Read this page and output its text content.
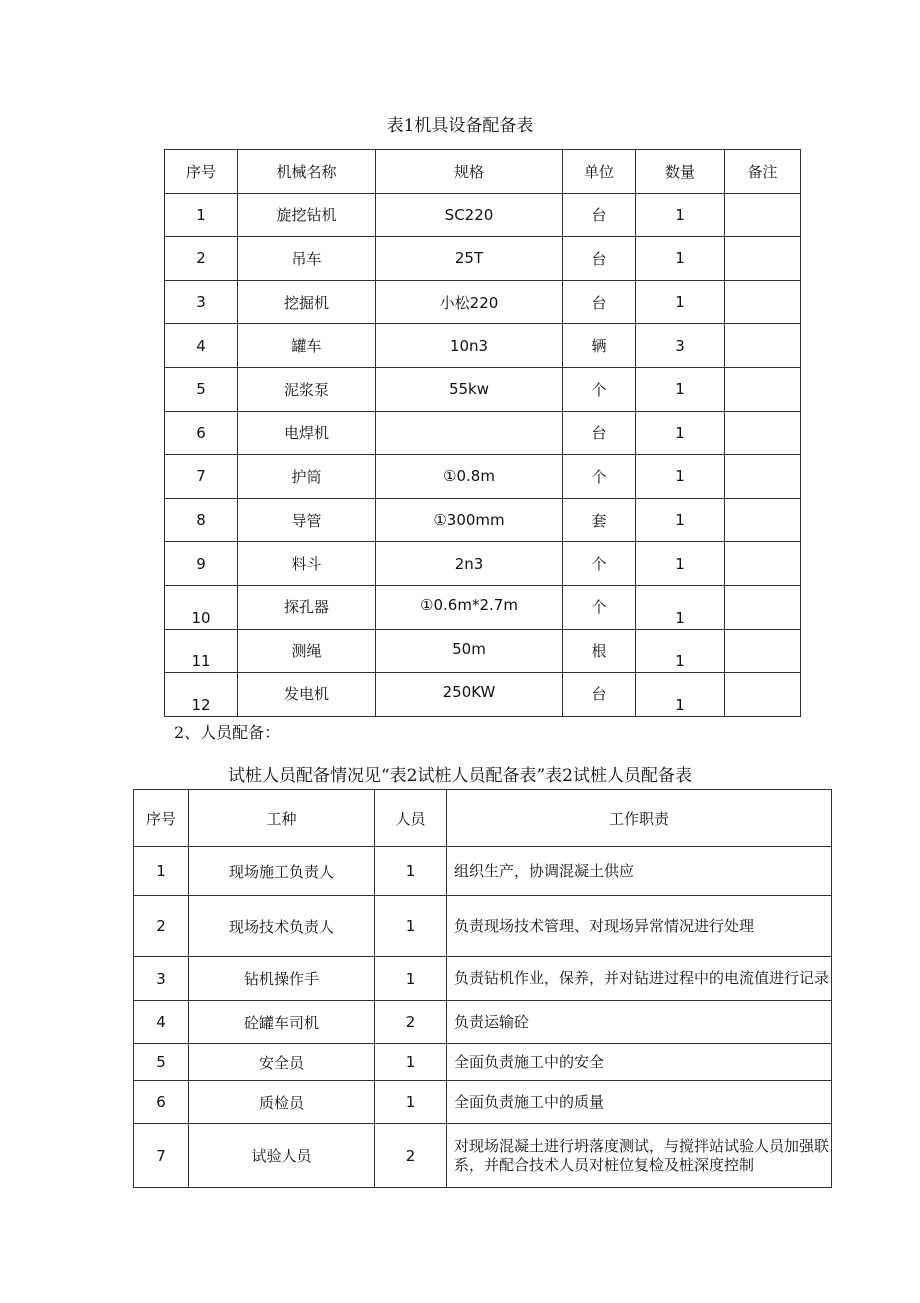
表1机具设备配备表
序号	机械名称	规格	单位	数量	备注
1	旋挖钻机	SC220	台	1	
2	吊车	25T	台	1	
3	挖掘机	小松220	台	1	
4	罐车	10n3	辆	3	
5	泥浆泵	55kw	个	1	
6	电焊机		台	1	
7	护筒	①0.8m	个	1	
8	导管	①300mm	套	1	
9	料斗	2n3	个	1	
10	探孔器	①0.6m*2.7m	个	1	
11	测绳	50m	根	1	
12	发电机	250KW	台	1	
2、人员配备：
试桩人员配备情况见“表2试桩人员配备表”表2试桩人员配备表
序号	工种	人员	工作职责
1	现场施工负责人	1	组织生产，协调混凝土供应
2	现场技术负责人	1	负责现场技术管理、对现场异常情况进行处理
3	钻机操作手	1	负责钻机作业，保养，并对钻进过程中的电流值进行记录
4	砼罐车司机	2	负责运输砼
5	安全员	1	全面负责施工中的安全
6	质检员	1	全面负责施工中的质量
7	试验人员	2	对现场混凝土进行坍落度测试，与搅拌站试验人员加强联系，并配合技术人员对桩位复检及桩深度控制
